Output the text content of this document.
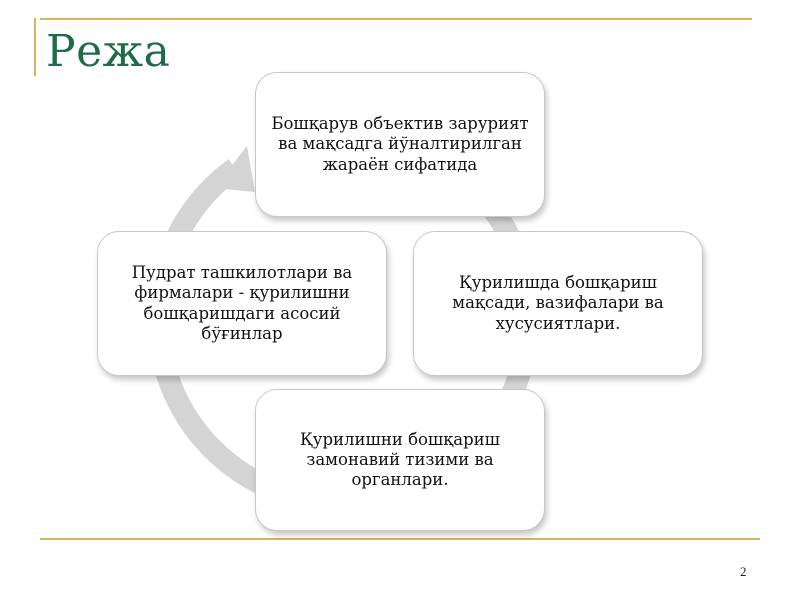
Режа
Бошқарув объектив зарурият ва мақсадга йўналтирилган жараён сифатида
Қурилишда бошқариш мақсади, вазифалари ва хусусиятлари.
Қурилишни бошқариш замонавий тизими ва органлари.
Пудрат ташкилотлари ва фирмалари - қурилишни бошқаришдаги асосий бўғинлар
2
